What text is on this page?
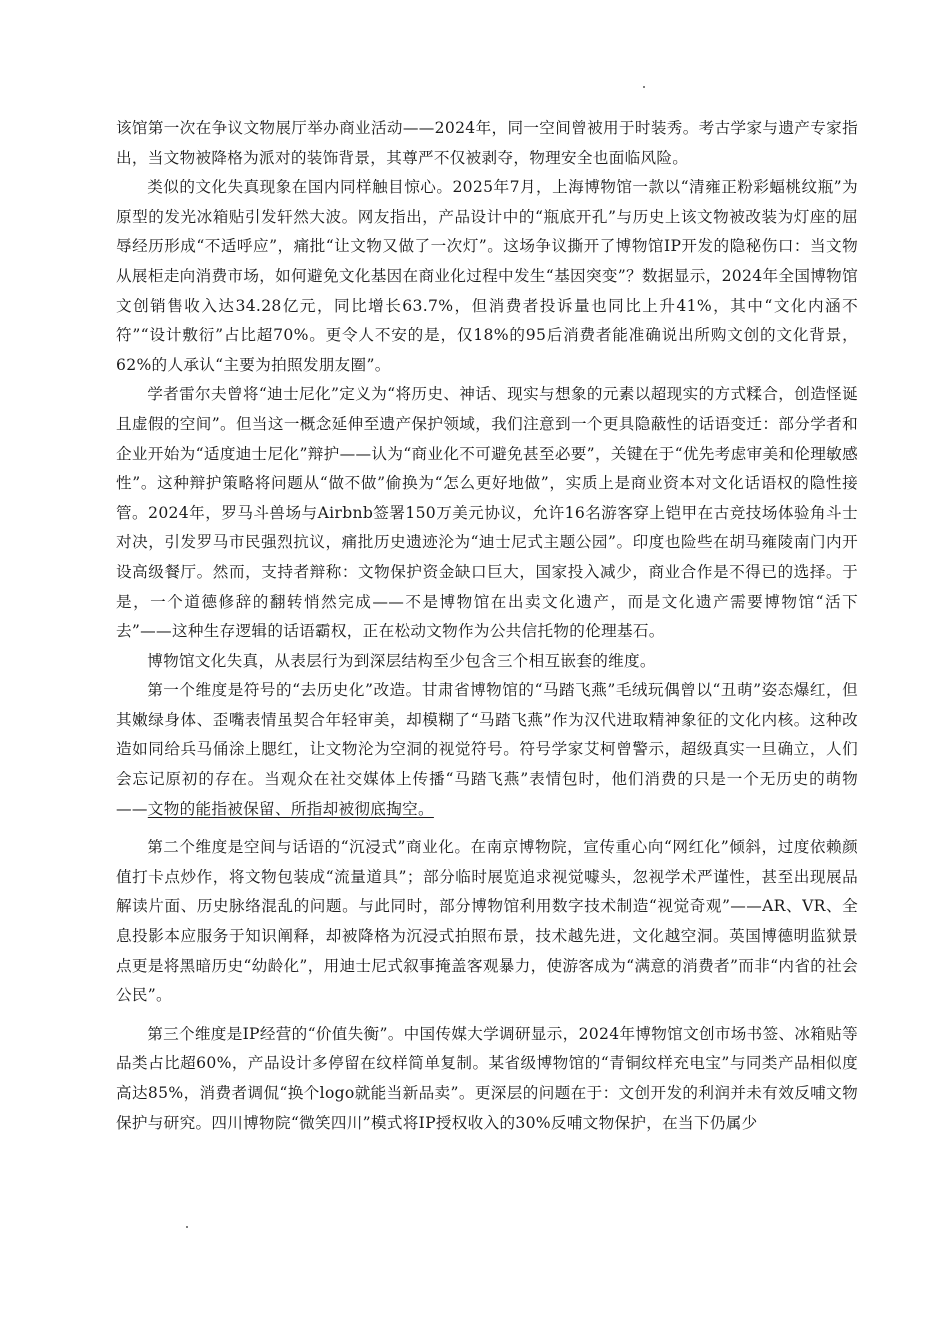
该馆第一次在争议文物展厅举办商业活动——2024年，同一空间曾被用于时装秀。考古学家与遗产专家指出，当文物被降格为派对的装饰背景，其尊严不仅被剥夺，物理安全也面临风险。

类似的文化失真现象在国内同样触目惊心。2025年7月，上海博物馆一款以“清雍正粉彩蝠桃纹瓶”为原型的发光冰箱贴引发轩然大波。网友指出，产品设计中的“瓶底开孔”与历史上该文物被改装为灯座的屈辱经历形成“不适呼应”，痛批“让文物又做了一次灯”。这场争议撕开了博物馆IP开发的隐秘伤口：当文物从展柜走向消费市场，如何避免文化基因在商业化过程中发生“基因突变”？数据显示，2024年全国博物馆文创销售收入达34.28亿元，同比增长63.7%，但消费者投诉量也同比上升41%，其中“文化内涵不符”“设计敷衍”占比超70%。更令人不安的是，仅18%的95后消费者能准确说出所购文创的文化背景，62%的人承认“主要为拍照发朋友圈”。

学者雷尔夫曾将“迪士尼化”定义为“将历史、神话、现实与想象的元素以超现实的方式糅合，创造怪诞且虚假的空间”。但当这一概念延伸至遗产保护领域，我们注意到一个更具隐蔽性的话语变迁：部分学者和企业开始为“适度迪士尼化”辩护——认为“商业化不可避免甚至必要”，关键在于“优先考虑审美和伦理敏感性”。这种辩护策略将问题从“做不做”偷换为“怎么更好地做”，实质上是商业资本对文化话语权的隐性接管。2024年，罗马斗兽场与Airbnb签署150万美元协议，允许16名游客穿上铠甲在古竞技场体验角斗士对决，引发罗马市民强烈抗议，痛批历史遗迹沦为“迪士尼式主题公园”。印度也险些在胡马雍陵南门内开设高级餐厅。然而，支持者辩称：文物保护资金缺口巨大，国家投入减少，商业合作是不得已的选择。于是，一个道德修辞的翻转悄然完成——不是博物馆在出卖文化遗产，而是文化遗产需要博物馆“活下去”——这种生存逻辑的话语霸权，正在松动文物作为公共信托物的伦理基石。

博物馆文化失真，从表层行为到深层结构至少包含三个相互嵌套的维度。

第一个维度是符号的“去历史化”改造。甘肃省博物馆的“马踏飞燕”毛绒玩偶曾以“丑萌”姿态爆红，但其嫩绿身体、歪嘴表情虽契合年轻审美，却模糊了“马踏飞燕”作为汉代进取精神象征的文化内核。这种改造如同给兵马俑涂上腮红，让文物沦为空洞的视觉符号。符号学家艾柯曾警示，超级真实一旦确立，人们会忘记原初的存在。当观众在社交媒体上传播“马踏飞燕”表情包时，他们消费的只是一个无历史的萌物——文物的能指被保留、所指却被彻底掏空。

第二个维度是空间与话语的“沉浸式”商业化。在南京博物院，宣传重心向“网红化”倾斜，过度依赖颜值打卡点炒作，将文物包装成“流量道具”；部分临时展览追求视觉噱头，忽视学术严谨性，甚至出现展品解读片面、历史脉络混乱的问题。与此同时，部分博物馆利用数字技术制造“视觉奇观”——AR、VR、全息投影本应服务于知识阐释，却被降格为沉浸式拍照布景，技术越先进，文化越空洞。英国博德明监狱景点更是将黑暗历史“幼龄化”，用迪士尼式叙事掩盖客观暴力，使游客成为“满意的消费者”而非“内省的社会公民”。

第三个维度是IP经营的“价值失衡”。中国传媒大学调研显示，2024年博物馆文创市场书签、冰箱贴等品类占比超60%，产品设计多停留在纹样简单复制。某省级博物馆的“青铜纹样充电宝”与同类产品相似度高达85%，消费者调侃“换个logo就能当新品卖”。更深层的问题在于：文创开发的利润并未有效反哺文物保护与研究。四川博物院“微笑四川”模式将IP授权收入的30%反哺文物保护，在当下仍属少
